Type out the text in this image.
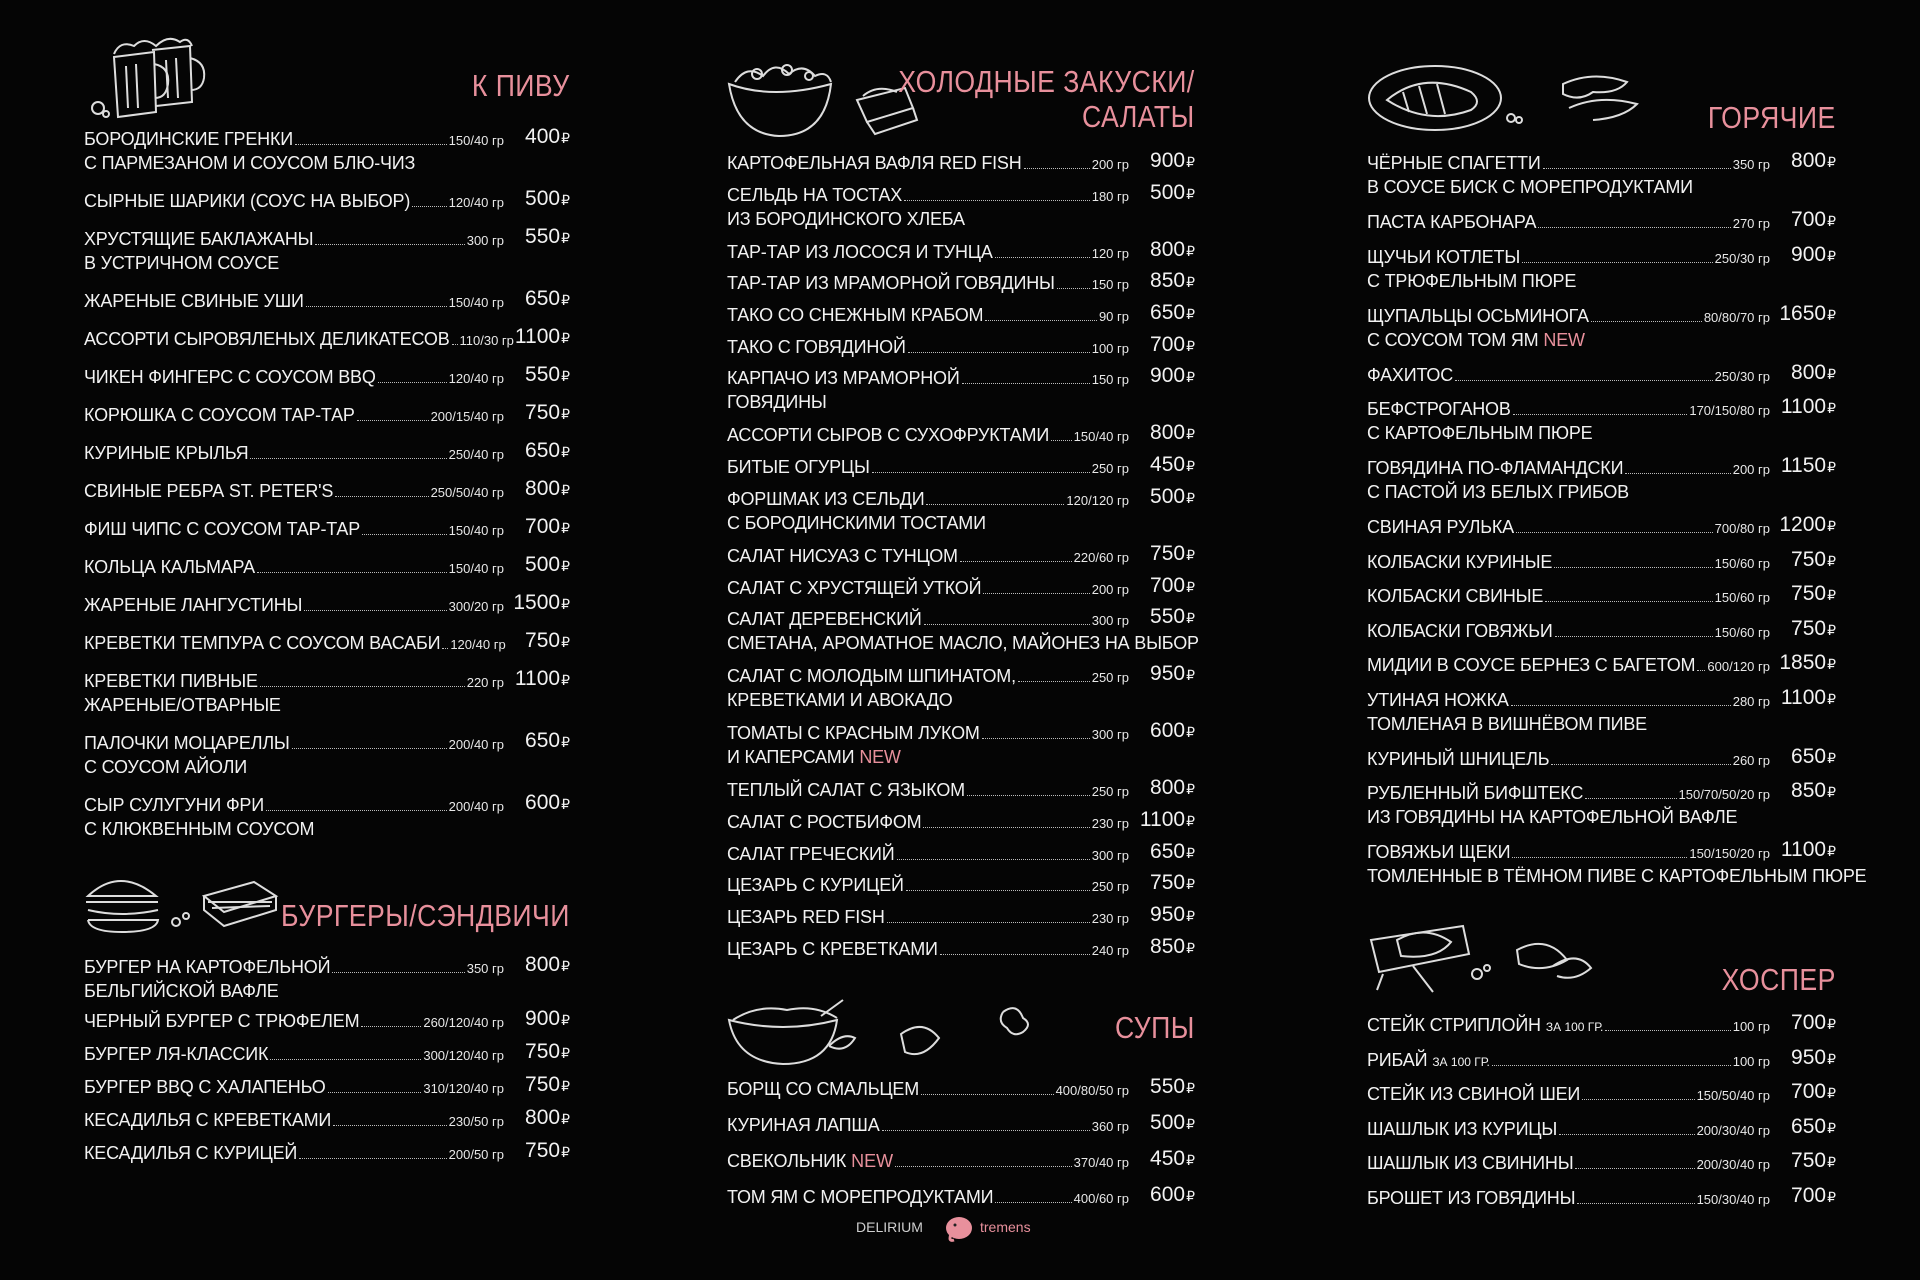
К ПИВУ
БОРОДИНСКИЕ ГРЕНКИ	150/40 гр
С ПАРМЕЗАНОМ И СОУСОМ БЛЮ-ЧИЗ
400₽
СЫРНЫЕ ШАРИКИ (СОУС НА ВЫБОР)	120/40 гр 500₽
ХРУСТЯЩИЕ БАКЛАЖАНЫ	300 гр
В УСТРИЧНОМ СОУСЕ
550₽
ЖАРЕНЫЕ СВИНЫЕ УШИ	150/40 гр 650₽
АССОРТИ СЫРОВЯЛЕНЫХ ДЕЛИКАТЕСОВ 110/30 гр 1100₽
ЧИКЕН ФИНГЕРС С СОУСОМ BBQ	120/40 гр 550₽
КОРЮШКА С СОУСОМ ТАР-ТАР	200/15/40 гр 750₽
КУРИНЫЕ КРЫЛЬЯ	250/40 гр 650₽
СВИНЫЕ РЕБРА ST. PETER'S	250/50/40 гр 800₽
ФИШ ЧИПС С СОУСОМ ТАР-ТАР	150/40 гр 700₽
КОЛЬЦА КАЛЬМАРА	150/40 гр 500₽
ЖАРЕНЫЕ ЛАНГУСТИНЫ	300/20 гр 1500₽
КРЕВЕТКИ ТЕМПУРА С СОУСОМ ВАСАБИ 120/40 гр 750₽
КРЕВЕТКИ ПИВНЫЕ	220 гр
ЖАРЕНЫЕ/ОТВАРНЫЕ
1100₽
ПАЛОЧКИ МОЦАРЕЛЛЫ	200/40 гр
С СОУСОМ АЙОЛИ
650₽
СЫР СУЛУГУНИ ФРИ	200/40 гр
С КЛЮКВЕННЫМ СОУСОМ
600₽
БУРГЕРЫ/СЭНДВИЧИ
БУРГЕР НА КАРТОФЕЛЬНОЙ	350 гр
БЕЛЬГИЙСКОЙ ВАФЛЕ
800₽
ЧЕРНЫЙ БУРГЕР С ТРЮФЕЛЕМ	260/120/40 гр 900₽
БУРГЕР ЛЯ-КЛАССИК	300/120/40 гр 750₽
БУРГЕР BBQ С ХАЛАПЕНЬО	310/120/40 гр 750₽
КЕСАДИЛЬЯ С КРЕВЕТКАМИ	230/50 гр 800₽
КЕСАДИЛЬЯ С КУРИЦЕЙ	200/50 гр 750₽
ХОЛОДНЫЕ ЗАКУСКИ/
САЛАТЫ
КАРТОФЕЛЬНАЯ ВАФЛЯ RED FISH	200 гр 900₽
СЕЛЬДЬ НА ТОСТАХ	180 гр
ИЗ БОРОДИНСКОГО ХЛЕБА
500₽
ТАР-ТАР ИЗ ЛОСОСЯ И ТУНЦА	120 гр 800₽
ТАР-ТАР ИЗ МРАМОРНОЙ ГОВЯДИНЫ	150 гр 850₽
ТАКО СО СНЕЖНЫМ КРАБОМ	90 гр 650₽
ТАКО С ГОВЯДИНОЙ	100 гр 700₽
КАРПАЧО ИЗ МРАМОРНОЙ	150 гр
ГОВЯДИНЫ
900₽
АССОРТИ СЫРОВ С СУХОФРУКТАМИ 150/40 гр 800₽
БИТЫЕ ОГУРЦЫ	250 гр 450₽
ФОРШМАК ИЗ СЕЛЬДИ	120/120 гр
С БОРОДИНСКИМИ ТОСТАМИ
500₽
САЛАТ НИСУАЗ С ТУНЦОМ	220/60 гр 750₽
САЛАТ С ХРУСТЯЩЕЙ УТКОЙ	200 гр 700₽
САЛАТ ДЕРЕВЕНСКИЙ	300 гр
СМЕТАНА, АРОМАТНОЕ МАСЛО, МАЙОНЕЗ НА ВЫБОР
550₽
САЛАТ С МОЛОДЫМ ШПИНАТОМ,	250 гр
КРЕВЕТКАМИ И АВОКАДО
950₽
ТОМАТЫ С КРАСНЫМ ЛУКОМ	300 гр
И КАПЕРСАМИ NEW
600₽
ТЕПЛЫЙ САЛАТ С ЯЗЫКОМ	250 гр 800₽
САЛАТ С РОСТБИФОМ	230 гр 1100₽
САЛАТ ГРЕЧЕСКИЙ	300 гр 650₽
ЦЕЗАРЬ С КУРИЦЕЙ	250 гр 750₽
ЦЕЗАРЬ RED FISH	230 гр 950₽
ЦЕЗАРЬ С КРЕВЕТКАМИ	240 гр 850₽
СУПЫ
БОРЩ СО СМАЛЬЦЕМ	400/80/50 гр 550₽
КУРИНАЯ ЛАПША	360 гр 500₽
СВЕКОЛЬНИК NEW	370/40 гр 450₽
ТОМ ЯМ С МОРЕПРОДУКТАМИ	400/60 гр 600₽
ГОРЯЧИЕ
ЧЁРНЫЕ СПАГЕТТИ	350 гр
В СОУСЕ БИСК С МОРЕПРОДУКТАМИ
800₽
ПАСТА КАРБОНАРА	270 гр 700₽
ЩУЧЬИ КОТЛЕТЫ	250/30 гр
С ТРЮФЕЛЬНЫМ ПЮРЕ
900₽
ЩУПАЛЬЦЫ ОСЬМИНОГА	80/80/70 гр
С СОУСОМ ТОМ ЯМ NEW
1650₽
ФАХИТОС	250/30 гр 800₽
БЕФСТРОГАНОВ	170/150/80 гр
С КАРТОФЕЛЬНЫМ ПЮРЕ
1100₽
ГОВЯДИНА ПО-ФЛАМАНДСКИ	200 гр
С ПАСТОЙ ИЗ БЕЛЫХ ГРИБОВ
1150₽
СВИНАЯ РУЛЬКА	700/80 гр 1200₽
КОЛБАСКИ КУРИНЫЕ	150/60 гр 750₽
КОЛБАСКИ СВИНЫЕ	150/60 гр 750₽
КОЛБАСКИ ГОВЯЖЬИ	150/60 гр 750₽
МИДИИ В СОУСЕ БЕРНЕЗ С БАГЕТОМ 600/120 гр 1850₽
УТИНАЯ НОЖКА	280 гр
ТОМЛЕНАЯ В ВИШНЁВОМ ПИВЕ
1100₽
КУРИНЫЙ ШНИЦЕЛЬ	260 гр 650₽
РУБЛЕННЫЙ БИФШТЕКС	150/70/50/20 гр
ИЗ ГОВЯДИНЫ НА КАРТОФЕЛЬНОЙ ВАФЛЕ
850₽
ГОВЯЖЬИ ЩЕКИ	150/150/20 гр
ТОМЛЕННЫЕ В ТЁМНОМ ПИВЕ С КАРТОФЕЛЬНЫМ ПЮРЕ
1100₽
ХОСПЕР
СТЕЙК СТРИПЛОЙН ЗА 100 ГР.	100 гр 700₽
РИБАЙ ЗА 100 ГР.	100 гр 950₽
СТЕЙК ИЗ СВИНОЙ ШЕИ	150/50/40 гр 700₽
ШАШЛЫК ИЗ КУРИЦЫ	200/30/40 гр 650₽
ШАШЛЫК ИЗ СВИНИНЫ	200/30/40 гр 750₽
БРОШЕТ ИЗ ГОВЯДИНЫ	150/30/40 гр 700₽
DELIRIUM	tremens
